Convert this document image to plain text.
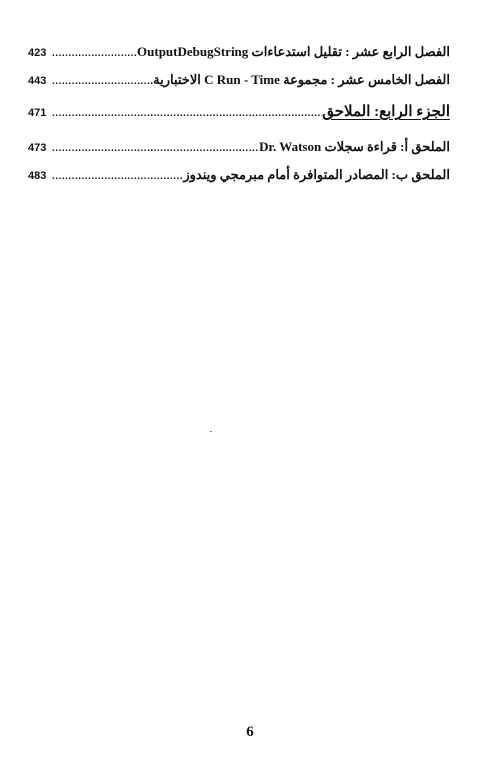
423 .....	الفصل الرابع عشر : تقليل استدعاءات OutputDebugString
443 .....	الفصل الخامس عشر : مجموعة C Run - Time الاختبارية
471 .....	الجزء الرابع: الملاحق
473 .....	الملحق أ: قراءة سجلات Dr. Watson
483 .....	الملحق ب: المصادر المتوافرة أمام مبرمجي ويندوز
6
